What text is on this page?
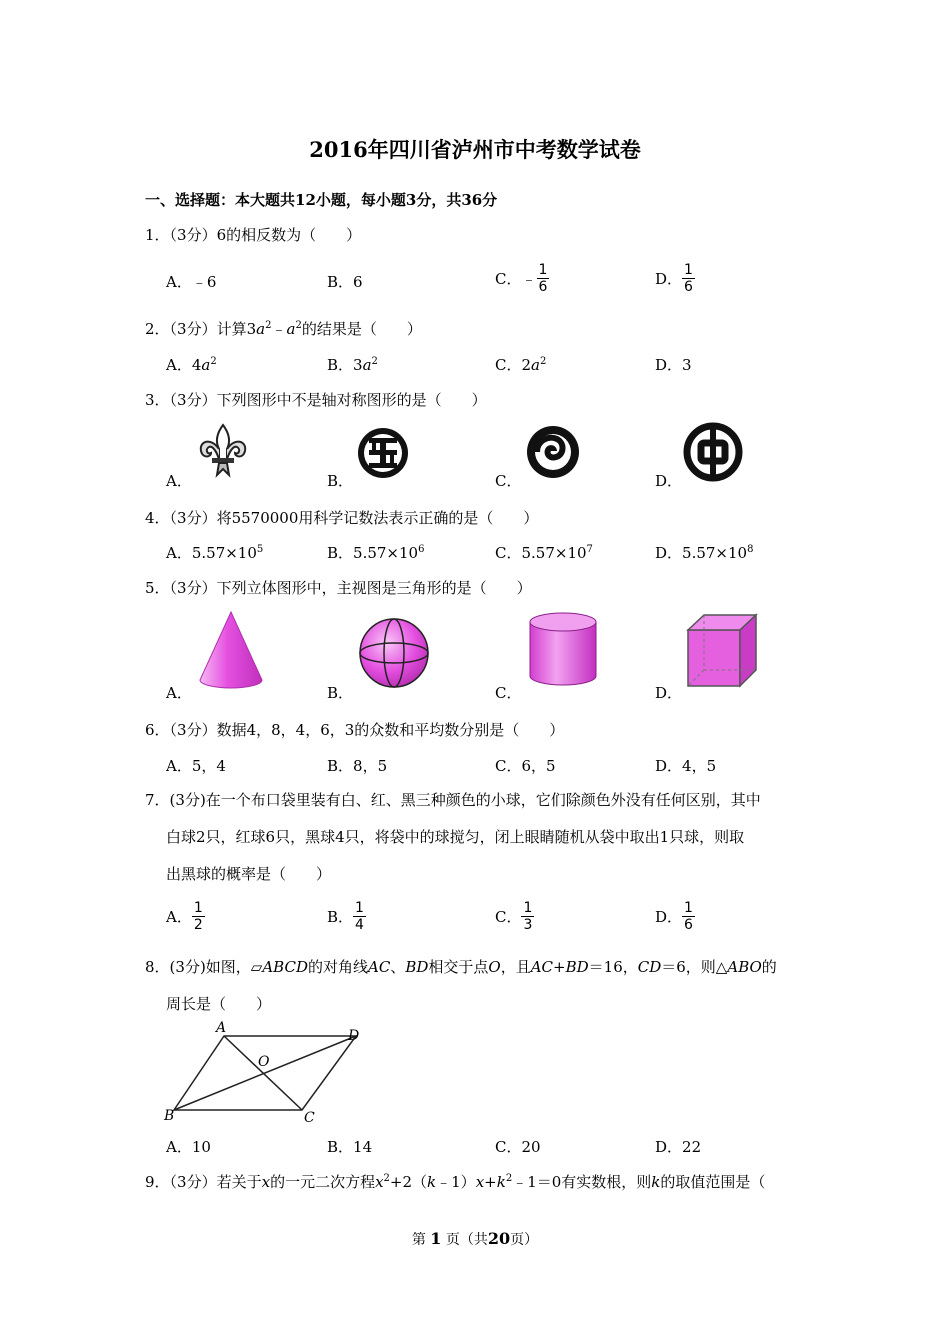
2016年四川省泸州市中考数学试卷
一、选择题：本大题共12小题，每小题3分，共36分
1．（3分）6的相反数为（　　）
A．﹣6	B．6	C．﹣ $\frac{1}{6}$	D． $\frac{1}{6}$
2．（3分）计算$3a^2﹣a^2$的结果是（　　）
A．$4a^2$	B．$3a^2$	C．$2a^2$	D．3
3．（3分）下列图形中不是轴对称图形的是（　　）
A．	B．	C．	D．
4．（3分）将5570000用科学记数法表示正确的是（　　）
A．$5.57\times 10^5$	B．$5.57\times 10^6$	C．$5.57\times 10^7$	D．$5.57\times 10^8$
5．（3分）下列立体图形中，主视图是三角形的是（　　）
A．	B．	C．	D．
6．（3分）数据4，8，4，6，3的众数和平均数分别是（　　）
A．5，4	B．8，5	C．6，5	D．4，5
7．(3分)在一个布口袋里装有白、红、黑三种颜色的小球，它们除颜色外没有任何区别，其中
白球2只，红球6只，黑球4只，将袋中的球搅匀，闭上眼睛随机从袋中取出1只球，则取
出黑球的概率是（　　）
A． $\frac{1}{2}$	B． $\frac{1}{4}$	C． $\frac{1}{3}$	D． $\frac{1}{6}$
8．(3分)如图，▱ABCD的对角线AC、BD相交于点O，且AC+BD＝16，CD＝6，则△ABO的
周长是（　　）
A	D
O
B	C
A．10	B．14	C．20	D．22
9．（3分）若关于x的一元二次方程$x^2+2(k﹣1)x+k^2﹣1=0$有实数根，则k的取值范围是（
第 1 页（共20页）
